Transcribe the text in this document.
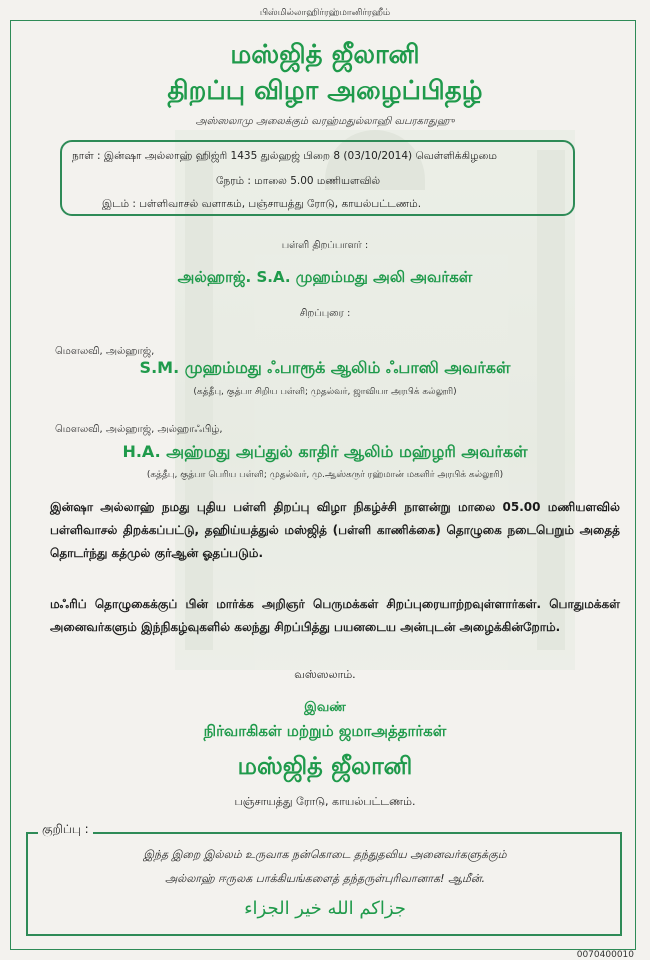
பிஸ்மில்லாஹிர்ரஹ்மானிர்ரஹீம்
மஸ்ஜித் ஜீலானி
திறப்பு விழா அழைப்பிதழ்
அஸ்ஸலாமு அலைக்கும் வரஹ்மதுல்லாஹி வபரகாதுஹு
நாள் : இன்ஷா அல்லாஹ் ஹிஜ்ரி 1435 துல்ஹஜ் பிறை 8 (03/10/2014) வெள்ளிக்கிழமை
நேரம் : மாலை 5.00 மணியளவில்
இடம் : பள்ளிவாசல் வளாகம், பஞ்சாயத்து ரோடு, காயல்பட்டணம்.
பள்ளி திறப்பாளர் :
அல்ஹாஜ். S.A. முஹம்மது அலி அவர்கள்
சிறப்புரை :
மௌலவி, அல்ஹாஜ்,
S.M. முஹம்மது ஃபாரூக் ஆலிம் ஃபாஸி அவர்கள்
(கத்தீபு, குத்பா சிறிய பள்ளி; முதல்வர், ஜாவியா அரபிக் கல்லூரி)
மௌலவி, அல்ஹாஜ், அல்ஹாஃபிழ்,
H.A. அஹ்மது அப்துல் காதிர் ஆலிம் மஹ்ழரி அவர்கள்
(கத்தீபு, குத்பா பெரிய பள்ளி; முதல்வர், மு.ஆஸ்கருர் ரஹ்மான் மகளிர் அரபிக் கல்லூரி)
இன்ஷா அல்லாஹ் நமது புதிய பள்ளி திறப்பு விழா நிகழ்ச்சி நாளன்று மாலை 05.00 மணியளவில் பள்ளிவாசல் திறக்கப்பட்டு, தஹிய்யத்துல் மஸ்ஜித் (பள்ளி காணிக்கை) தொழுகை நடைபெறும் அதைத் தொடர்ந்து கத்முல் குர்ஆன் ஓதப்படும்.
மஃரிப் தொழுகைக்குப் பின் மார்க்க அறிஞர் பெருமக்கள் சிறப்புரையாற்றவுள்ளார்கள். பொதுமக்கள் அனைவர்களும் இந்நிகழ்வுகளில் கலந்து சிறப்பித்து பயனடைய அன்புடன் அழைக்கின்றோம்.
வஸ்ஸலாம்.
இவண்
நிர்வாகிகள் மற்றும் ஜமாஅத்தார்கள்
மஸ்ஜித் ஜீலானி
பஞ்சாயத்து ரோடு, காயல்பட்டணம்.
குறிப்பு :
இந்த இறை இல்லம் உருவாக நன்கொடை தந்துதவிய அனைவர்களுக்கும்
அல்லாஹ் ஈருலக பாக்கியங்களைத் தந்தருள்புரிவானாக! ஆமீன்.
جزاكم الله خير الجزاء
0070400010
